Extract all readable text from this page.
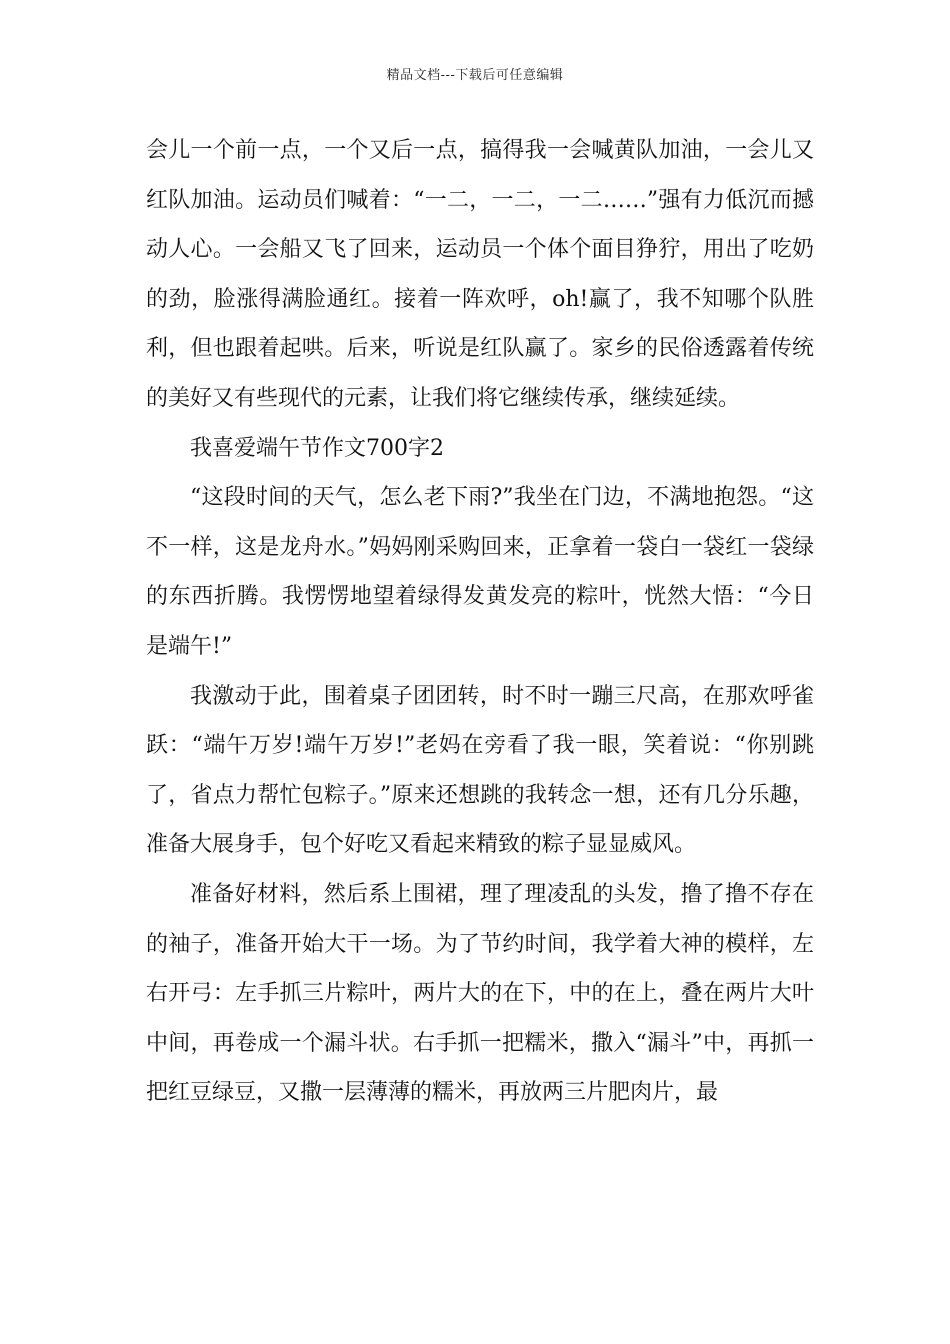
精品文档---下载后可任意编辑

会儿一个前一点，一个又后一点，搞得我一会喊黄队加油，一会儿又红队加油。运动员们喊着：“一二，一二，一二……”强有力低沉而撼动人心。一会船又飞了回来，运动员一个体个面目狰狞，用出了吃奶的劲，脸涨得满脸通红。接着一阵欢呼，oh!赢了，我不知哪个队胜利，但也跟着起哄。后来，听说是红队赢了。家乡的民俗透露着传统的美好又有些现代的元素，让我们将它继续传承，继续延续。

我喜爱端午节作文700字2

“这段时间的天气，怎么老下雨?”我坐在门边，不满地抱怨。“这不一样，这是龙舟水。”妈妈刚采购回来，正拿着一袋白一袋红一袋绿的东西折腾。我愣愣地望着绿得发黄发亮的粽叶，恍然大悟：“今日是端午!”

我激动于此，围着桌子团团转，时不时一蹦三尺高，在那欢呼雀跃：“端午万岁!端午万岁!”老妈在旁看了我一眼，笑着说：“你别跳了，省点力帮忙包粽子。”原来还想跳的我转念一想，还有几分乐趣，准备大展身手，包个好吃又看起来精致的粽子显显威风。

准备好材料，然后系上围裙，理了理凌乱的头发，撸了撸不存在的袖子，准备开始大干一场。为了节约时间，我学着大神的模样，左右开弓：左手抓三片粽叶，两片大的在下，中的在上，叠在两片大叶中间，再卷成一个漏斗状。右手抓一把糯米，撒入“漏斗”中，再抓一把红豆绿豆，又撒一层薄薄的糯米，再放两三片肥肉片，最
